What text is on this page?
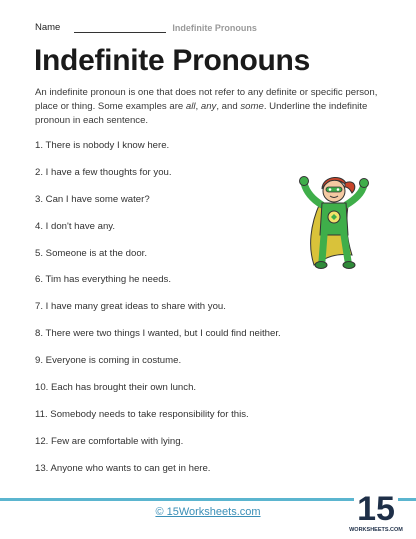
Name	Indefinite Pronouns
Indefinite Pronouns

An indefinite pronoun is one that does not refer to any definite or specific person, place or thing. Some examples are all, any, and some. Underline the indefinite pronoun in each sentence.

1. There is nobody I know here.
2. I have a few thoughts for you.
3. Can I have some water?
4. I don't have any.
5. Someone is at the door.
6. Tim has everything he needs.
7. I have many great ideas to share with you.
8. There were two things I wanted, but I could find neither.
9. Everyone is coming in costume.
10. Each has brought their own lunch.
11. Somebody needs to take responsibility for this.
12. Few are comfortable with lying.
13. Anyone who wants to can get in here.
© 15Worksheets.com	15
WORKSHEETS.COM
